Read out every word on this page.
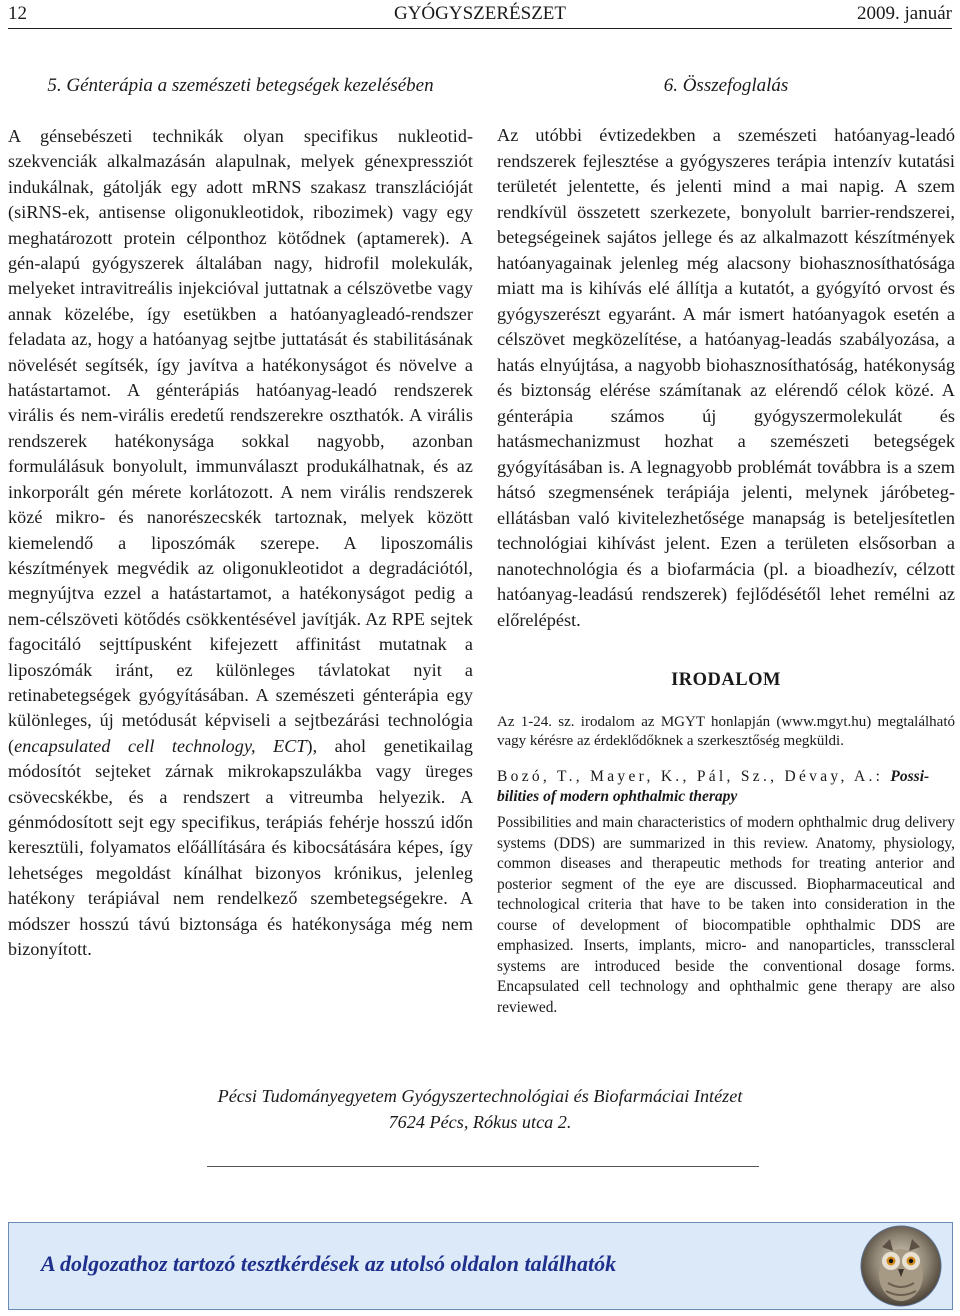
12	GYÓGYSZERÉSZET	2009. január
5. Génterápia a szemészeti betegségek kezelésében

A génsebészeti technikák olyan specifikus nukleotidszekvenciák alkalmazásán alapulnak, melyek génexpressziót indukálnak, gátolják egy adott mRNS szakasz transzlációját (siRNS-ek, antisense oligonukleotidok, ribozimek) vagy egy meghatározott protein célponthoz kötődnek (aptamerek). A gén-alapú gyógyszerek általában nagy, hidrofil molekulák, melyeket intravitreális injekcióval juttatnak a célszövetbe vagy annak közelébe, így esetükben a hatóanyagleadó-rendszer feladata az, hogy a hatóanyag sejtbe juttatását és stabilitásának növelését segítsék, így javítva a hatékonyságot és növelve a hatástartamot. A génterápiás hatóanyag-leadó rendszerek virális és nem-virális eredetű rendszerekre oszthatók. A virális rendszerek hatékonysága sokkal nagyobb, azonban formulálásuk bonyolult, immunválaszt produkálhatnak, és az inkorporált gén mérete korlátozott. A nem virális rendszerek közé mikro- és nanorészecskék tartoznak, melyek között kiemelendő a liposzómák szerepe. A liposzomális készítmények megvédik az oligonukleotidot a degradációtól, megnyújtva ezzel a hatástartamot, a hatékonyságot pedig a nem-célszöveti kötődés csökkentésével javítják. Az RPE sejtek fagocitáló sejttípusként kifejezett affinitást mutatnak a liposzómák iránt, ez különleges távlatokat nyit a retinabetegségek gyógyításában. A szemészeti génterápia egy különleges, új metódusát képviseli a sejtbezárási technológia (encapsulated cell technology, ECT), ahol genetikailag módosítót sejteket zárnak mikrokapszulákba vagy üreges csövecskékbe, és a rendszert a vitreumba helyezik. A génmódosított sejt egy specifikus, terápiás fehérje hosszú időn keresztüli, folyamatos előállítására és kibocsátására képes, így lehetséges megoldást kínálhat bizonyos krónikus, jelenleg hatékony terápiával nem rendelkező szembetegségekre. A módszer hosszú távú biztonsága és hatékonysága még nem bizonyított.

6. Összefoglalás

Az utóbbi évtizedekben a szemészeti hatóanyag-leadó rendszerek fejlesztése a gyógyszeres terápia intenzív kutatási területét jelentette, és jelenti mind a mai napig. A szem rendkívül összetett szerkezete, bonyolult barrier-rendszerei, betegségeinek sajátos jellege és az alkalmazott készítmények hatóanyagainak jelenleg még alacsony biohasznosíthatósága miatt ma is kihívás elé állítja a kutatót, a gyógyító orvost és gyógyszerészt egyaránt. A már ismert hatóanyagok esetén a célszövet megközelítése, a hatóanyag-leadás szabályozása, a hatás elnyújtása, a nagyobb biohasznosíthatóság, hatékonyság és biztonság elérése számítanak az elérendő célok közé. A génterápia számos új gyógyszermolekulát és hatásmechanizmust hozhat a szemészeti betegségek gyógyításában is. A legnagyobb problémát továbbra is a szem hátsó szegmensének terápiája jelenti, melynek járóbeteg-ellátásban való kivitelezhetősége manapság is beteljesítetlen technológiai kihívást jelent. Ezen a területen elsősorban a nanotechnológia és a biofarmácia (pl. a bioadhezív, célzott hatóanyag-leadású rendszerek) fejlődésétől lehet remélni az előrelépést.

IRODALOM

Az 1-24. sz. irodalom az MGYT honlapján (www.mgyt.hu) megtalálható vagy kérésre az érdeklődőknek a szerkesztőség megküldi.

Bozó, T., Mayer, K., Pál, Sz., Dévay, A.: Possibilities of modern ophthalmic therapy

Possibilities and main characteristics of modern ophthalmic drug delivery systems (DDS) are summarized in this review. Anatomy, physiology, common diseases and therapeutic methods for treating anterior and posterior segment of the eye are discussed. Biopharmaceutical and technological criteria that have to be taken into consideration in the course of development of biocompatible ophthalmic DDS are emphasized. Inserts, implants, micro- and nanoparticles, transscleral systems are introduced beside the conventional dosage forms. Encapsulated cell technology and ophthalmic gene therapy are also reviewed.

Pécsi Tudományegyetem Gyógyszertechnológiai és Biofarmáciai Intézet
7624 Pécs, Rókus utca 2.
A dolgozathoz tartozó tesztkérdések az utolsó oldalon találhatók
